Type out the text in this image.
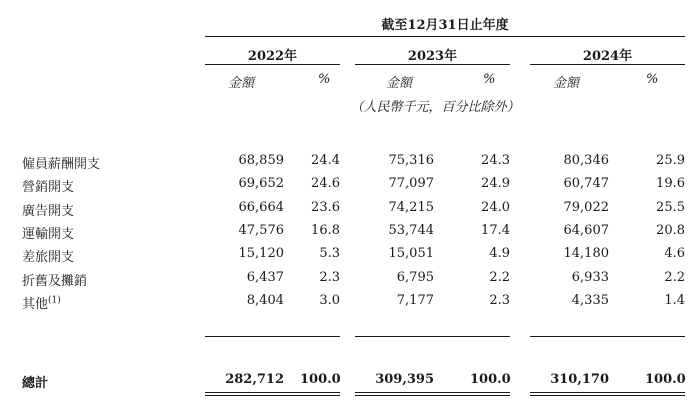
截至12月31日止年度
2022年	2023年	2024年
金額	%	金額	%	金額	%
（人民幣千元，百分比除外）
僱員薪酬開支	68,859	24.4	75,316	24.3	80,346	25.9
營銷開支	69,652	24.6	77,097	24.9	60,747	19.6
廣告開支	66,664	23.6	74,215	24.0	79,022	25.5
運輸開支	47,576	16.8	53,744	17.4	64,607	20.8
差旅開支	15,120	5.3	15,051	4.9	14,180	4.6
折舊及攤銷	6,437	2.3	6,795	2.2	6,933	2.2
其他$^{(1)}$	8,404	3.0	7,177	2.3	4,335	1.4
總計	282,712 100.0	309,395	100.0	310,170	100.0
